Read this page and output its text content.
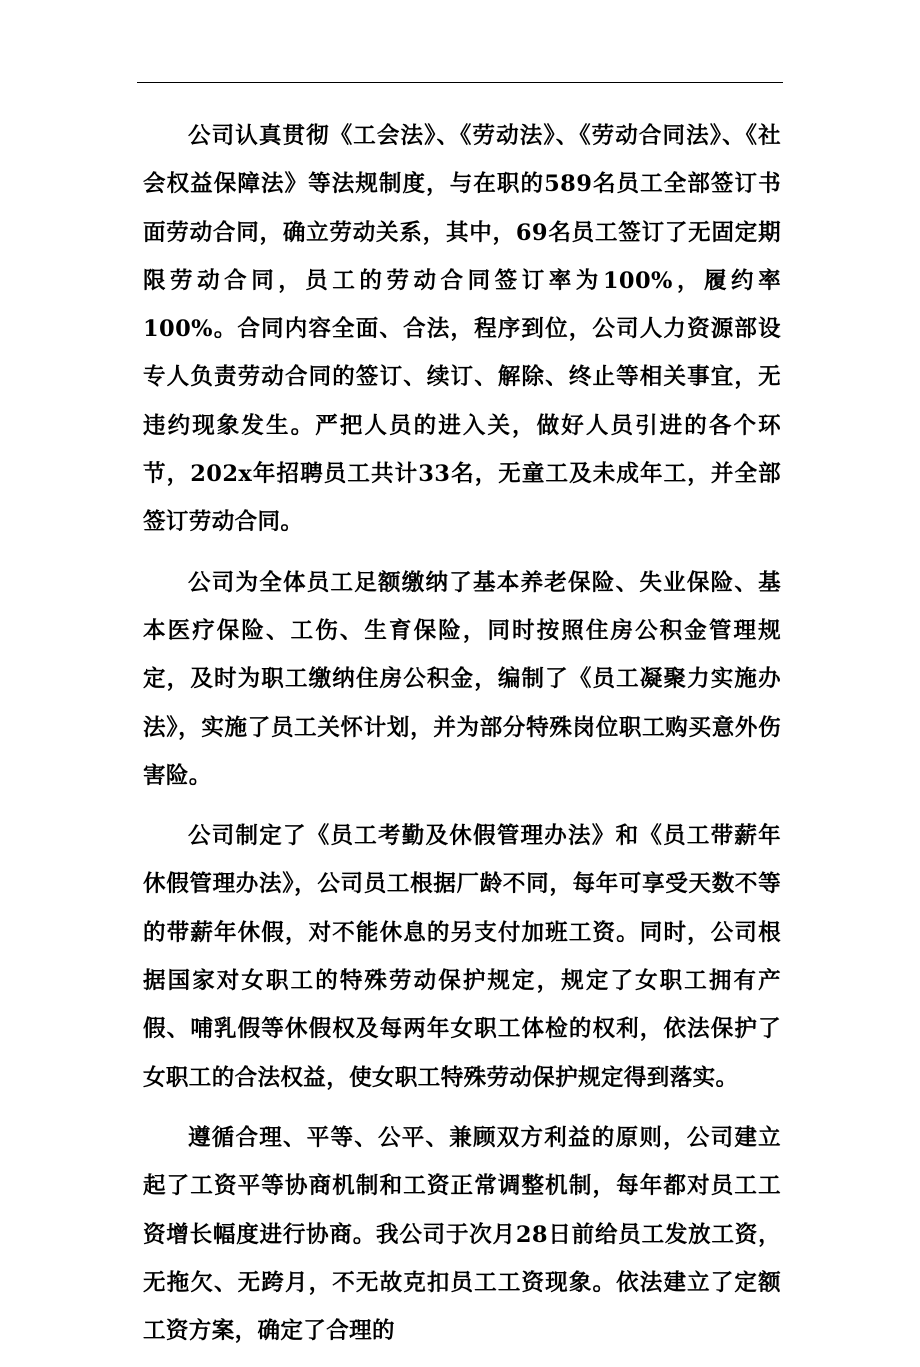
公司认真贯彻《工会法》、《劳动法》、《劳动合同法》、《社会权益保障法》等法规制度，与在职的589名员工全部签订书面劳动合同，确立劳动关系，其中，69名员工签订了无固定期限劳动合同，员工的劳动合同签订率为100%，履约率100%。合同内容全面、合法，程序到位，公司人力资源部设专人负责劳动合同的签订、续订、解除、终止等相关事宜，无违约现象发生。严把人员的进入关，做好人员引进的各个环节，202x年招聘员工共计33名，无童工及未成年工，并全部签订劳动合同。

公司为全体员工足额缴纳了基本养老保险、失业保险、基本医疗保险、工伤、生育保险，同时按照住房公积金管理规定，及时为职工缴纳住房公积金，编制了《员工凝聚力实施办法》，实施了员工关怀计划，并为部分特殊岗位职工购买意外伤害险。

公司制定了《员工考勤及休假管理办法》和《员工带薪年休假管理办法》，公司员工根据厂龄不同，每年可享受天数不等的带薪年休假，对不能休息的另支付加班工资。同时，公司根据国家对女职工的特殊劳动保护规定，规定了女职工拥有产假、哺乳假等休假权及每两年女职工体检的权利，依法保护了女职工的合法权益，使女职工特殊劳动保护规定得到落实。

遵循合理、平等、公平、兼顾双方利益的原则，公司建立起了工资平等协商机制和工资正常调整机制，每年都对员工工资增长幅度进行协商。我公司于次月28日前给员工发放工资，无拖欠、无跨月，不无故克扣员工工资现象。依法建立了定额工资方案，确定了合理的
